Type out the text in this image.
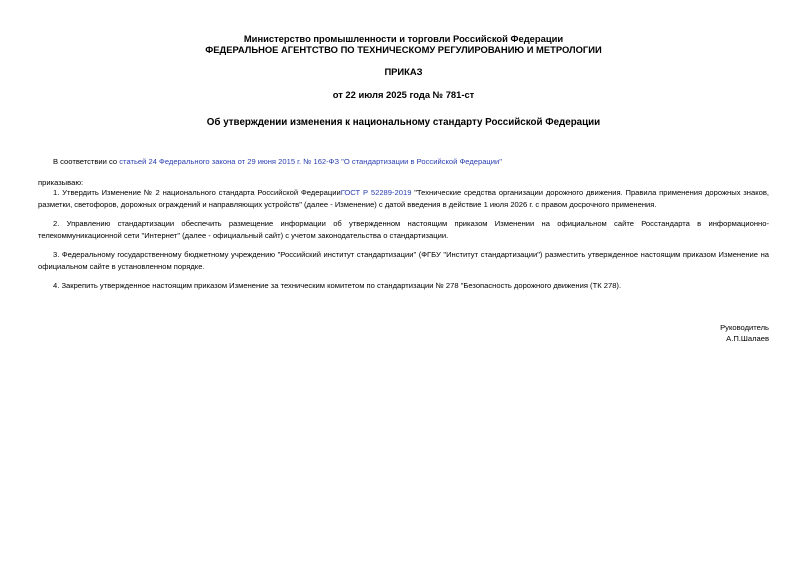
Министерство промышленности и торговли Российской Федерации
ФЕДЕРАЛЬНОЕ АГЕНТСТВО ПО ТЕХНИЧЕСКОМУ РЕГУЛИРОВАНИЮ И МЕТРОЛОГИИ
ПРИКАЗ
от 22 июля 2025 года № 781-ст
Об утверждении изменения к национальному стандарту Российской Федерации
В соответствии со статьей 24 Федерального закона от 29 июня 2015 г. № 162-ФЗ "О стандартизации в Российской Федерации"
приказываю:
1. Утвердить Изменение № 2 национального стандарта Российской ФедерацииГОСТ Р 52289-2019 "Технические средства организации дорожного движения. Правила применения дорожных знаков, разметки, светофоров, дорожных ограждений и направляющих устройств" (далее - Изменение) с датой введения в действие 1 июля 2026 г. с правом досрочного применения.
2. Управлению стандартизации обеспечить размещение информации об утвержденном настоящим приказом Изменении на официальном сайте Росстандарта в информационно-телекоммуникационной сети "Интернет" (далее - официальный сайт) с учетом законодательства о стандартизации.
3. Федеральному государственному бюджетному учреждению "Российский институт стандартизации" (ФГБУ "Институт стандартизации") разместить утвержденное настоящим приказом Изменение на официальном сайте в установленном порядке.
4. Закрепить утвержденное настоящим приказом Изменение за техническим комитетом по стандартизации № 278 "Безопасность дорожного движения (ТК 278).
Руководитель
А.П.Шалаев
